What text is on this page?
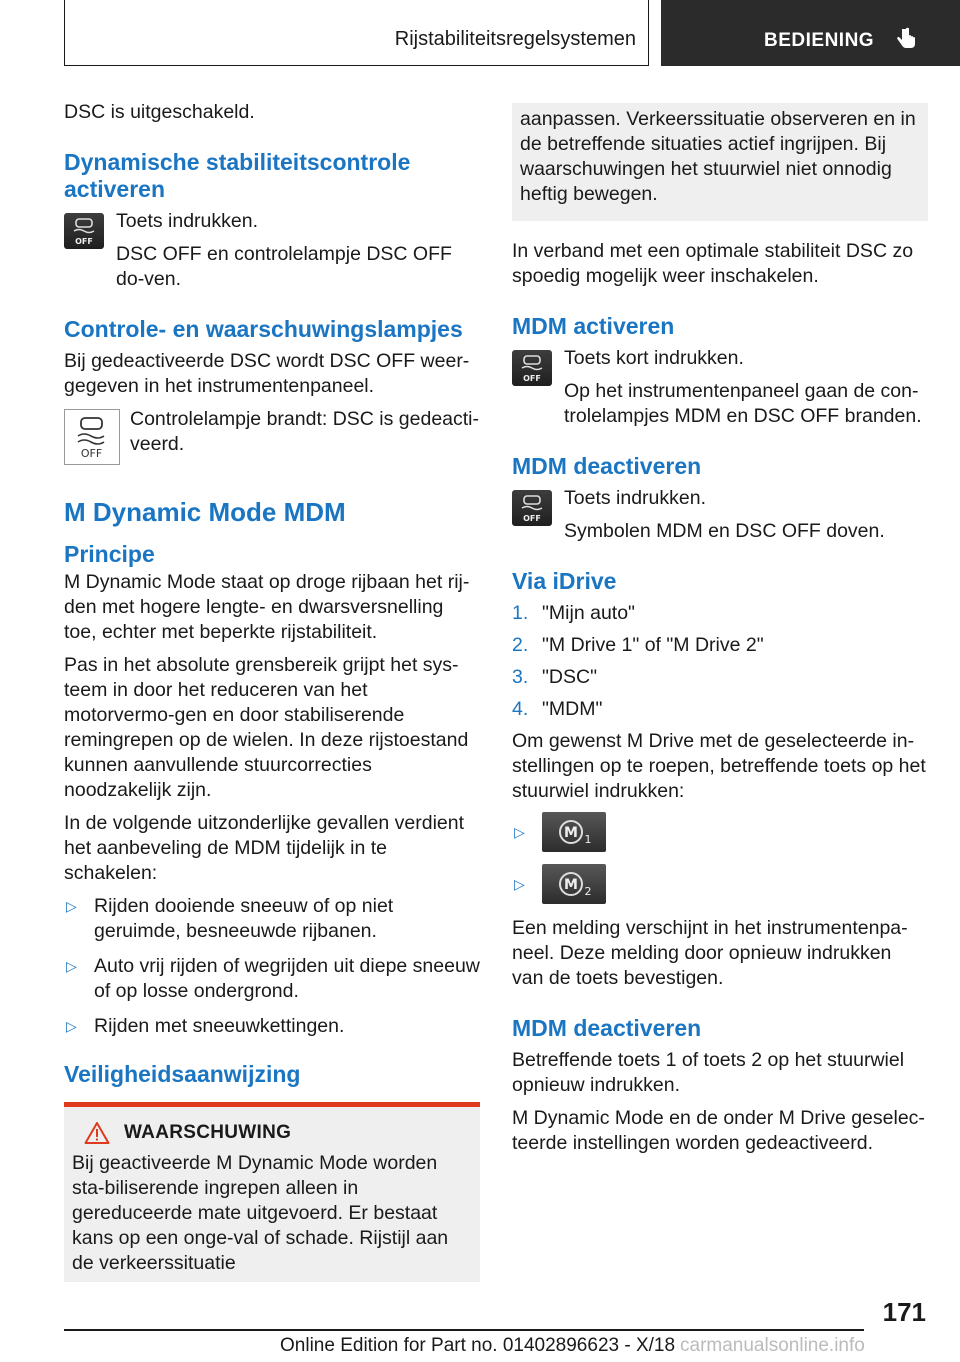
Rijstabiliteitsregelsystemen	BEDIENING

DSC is uitgeschakeld.

Dynamische stabiliteitscontrole activeren
OFF

Toets indrukken.

DSC OFF en controlelampje DSC OFF do-ven.

Controle- en waarschuwingslampjes

Bij gedeactiveerde DSC wordt DSC OFF weer-gegeven in het instrumentenpaneel.

OFF

Controlelampje brandt: DSC is gedeacti-veerd.

M Dynamic Mode MDM
Principe

M Dynamic Mode staat op droge rijbaan het rij-den met hogere lengte- en dwarsversnelling toe, echter met beperkte rijstabiliteit.

Pas in het absolute grensbereik grijpt het sys-teem in door het reduceren van het motorvermo-gen en door stabiliserende remingrepen op de wielen. In deze rijstoestand kunnen aanvullende stuurcorrecties noodzakelijk zijn.

In de volgende uitzonderlijke gevallen verdient het aanbeveling de MDM tijdelijk in te schakelen:

▷ Rijden dooiende sneeuw of op niet geruimde, besneeuwde rijbanen.
▷ Auto vrij rijden of wegrijden uit diepe sneeuw of op losse ondergrond.
▷ Rijden met sneeuwkettingen.
Veiligheidsaanwijzing
WAARSCHUWING

Bij geactiveerde M Dynamic Mode worden sta-biliserende ingrepen alleen in gereduceerde mate uitgevoerd. Er bestaat kans op een onge-val of schade. Rijstijl aan de verkeerssituatie

aanpassen. Verkeerssituatie observeren en in de betreffende situaties actief ingrijpen. Bij waarschuwingen het stuurwiel niet onnodig heftig bewegen.

In verband met een optimale stabiliteit DSC zo spoedig mogelijk weer inschakelen.

MDM activeren
OFF

Toets kort indrukken.

Op het instrumentenpaneel gaan de con-trolelampjes MDM en DSC OFF branden.

MDM deactiveren
OFF

Toets indrukken.

Symbolen MDM en DSC OFF doven.

Via iDrive
1. "Mijn auto"
2. "M Drive 1" of "M Drive 2"
3. "DSC"
4. "MDM"

Om gewenst M Drive met de geselecteerde in-stellingen op te roepen, betreffende toets op het stuurwiel indrukken:

▷	M 1
▷	M 2

Een melding verschijnt in het instrumentenpa-neel. Deze melding door opnieuw indrukken van de toets bevestigen.

MDM deactiveren

Betreffende toets 1 of toets 2 op het stuurwiel opnieuw indrukken.

M Dynamic Mode en de onder M Drive geselec-teerde instellingen worden gedeactiveerd.

171
Online Edition for Part no. 01402896623 - X/18 carmanualsonline.info
